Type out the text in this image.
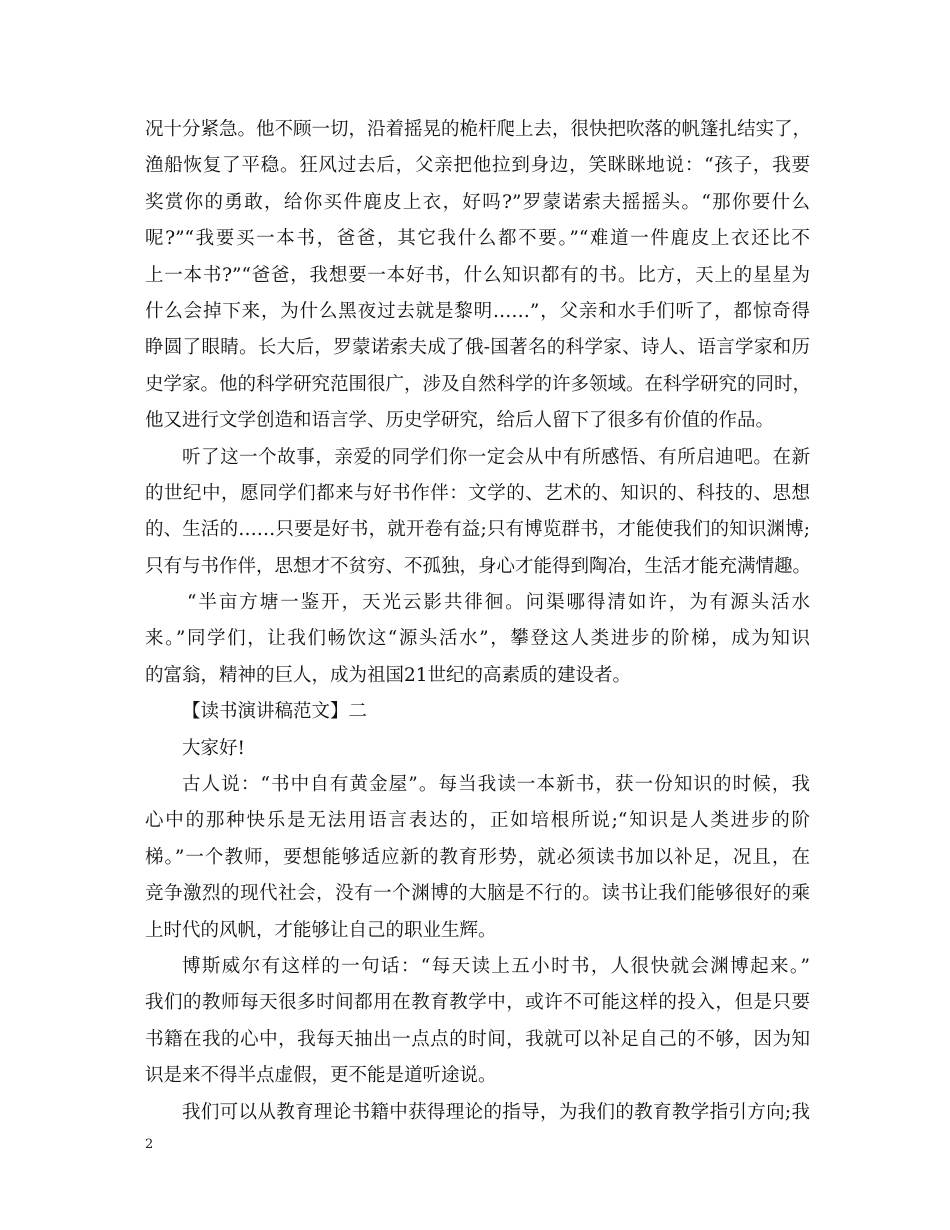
况十分紧急。他不顾一切，沿着摇晃的桅杆爬上去，很快把吹落的帆篷扎结实了，
渔船恢复了平稳。狂风过去后，父亲把他拉到身边，笑眯眯地说：“孩子，我要
奖赏你的勇敢，给你买件鹿皮上衣，好吗?”罗蒙诺索夫摇摇头。“那你要什么
呢?”“我要买一本书，爸爸，其它我什么都不要。”“难道一件鹿皮上衣还比不
上一本书?”“爸爸，我想要一本好书，什么知识都有的书。比方，天上的星星为
什么会掉下来，为什么黑夜过去就是黎明……”，父亲和水手们听了，都惊奇得
睁圆了眼睛。长大后，罗蒙诺索夫成了俄-国著名的科学家、诗人、语言学家和历
史学家。他的科学研究范围很广，涉及自然科学的许多领域。在科学研究的同时，
他又进行文学创造和语言学、历史学研究，给后人留下了很多有价值的作品。
听了这一个故事，亲爱的同学们你一定会从中有所感悟、有所启迪吧。在新
的世纪中，愿同学们都来与好书作伴：文学的、艺术的、知识的、科技的、思想
的、生活的……只要是好书，就开卷有益;只有博览群书，才能使我们的知识渊博;
只有与书作伴，思想才不贫穷、不孤独，身心才能得到陶冶，生活才能充满情趣。
“半亩方塘一鉴开，天光云影共徘徊。问渠哪得清如许，为有源头活水
来。”同学们，让我们畅饮这“源头活水”，攀登这人类进步的阶梯，成为知识
的富翁，精神的巨人，成为祖国21世纪的高素质的建设者。
【读书演讲稿范文】二
大家好!
古人说：“书中自有黄金屋”。每当我读一本新书，获一份知识的时候，我
心中的那种快乐是无法用语言表达的，正如培根所说;“知识是人类进步的阶
梯。”一个教师，要想能够适应新的教育形势，就必须读书加以补足，况且，在
竞争激烈的现代社会，没有一个渊博的大脑是不行的。读书让我们能够很好的乘
上时代的风帆，才能够让自己的职业生辉。
博斯威尔有这样的一句话：“每天读上五小时书，人很快就会渊博起来。”
我们的教师每天很多时间都用在教育教学中，或许不可能这样的投入，但是只要
书籍在我的心中，我每天抽出一点点的时间，我就可以补足自己的不够，因为知
识是来不得半点虚假，更不能是道听途说。
我们可以从教育理论书籍中获得理论的指导，为我们的教育教学指引方向;我
2
